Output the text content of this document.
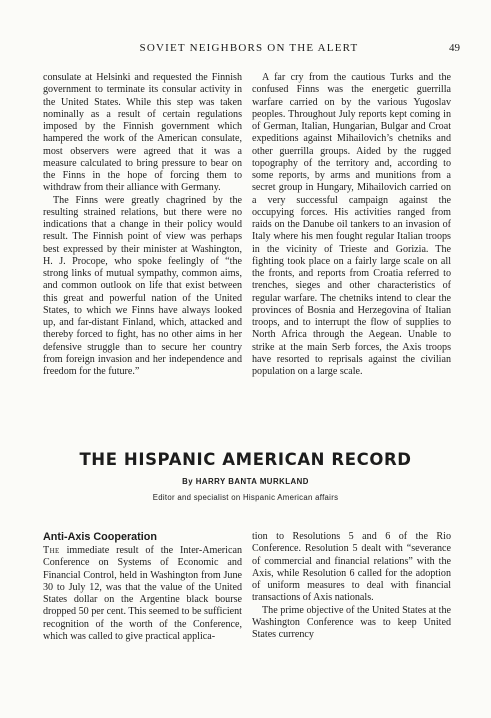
SOVIET NEIGHBORS ON THE ALERT	49

consulate at Helsinki and requested the Finnish government to terminate its consular activity in the United States. While this step was taken nominally as a result of certain regulations imposed by the Finnish government which hampered the work of the American consulate, most observers were agreed that it was a measure calculated to bring pressure to bear on the Finns in the hope of forcing them to withdraw from their alliance with Germany.

The Finns were greatly chagrined by the resulting strained relations, but there were no indications that a change in their policy would result. The Finnish point of view was perhaps best expressed by their minister at Washington, H. J. Procope, who spoke feelingly of “the strong links of mutual sympathy, common aims, and common outlook on life that exist between this great and powerful nation of the United States, to which we Finns have always looked up, and far-distant Finland, which, attacked and thereby forced to fight, has no other aims in her defensive struggle than to secure her country from foreign invasion and her independence and freedom for the future.”

A far cry from the cautious Turks and the confused Finns was the energetic guerrilla warfare carried on by the various Yugoslav peoples. Throughout July reports kept coming in of German, Italian, Hungarian, Bulgar and Croat expeditions against Mihailovich’s chetniks and other guerrilla groups. Aided by the rugged topography of the territory and, according to some reports, by arms and munitions from a secret group in Hungary, Mihailovich carried on a very successful campaign against the occupying forces. His activities ranged from raids on the Danube oil tankers to an invasion of Italy where his men fought regular Italian troops in the vicinity of Trieste and Gorizia. The fighting took place on a fairly large scale on all the fronts, and reports from Croatia referred to trenches, sieges and other characteristics of regular warfare. The chetniks intend to clear the provinces of Bosnia and Herzegovina of Italian troops, and to interrupt the flow of supplies to North Africa through the Aegean. Unable to strike at the main Serb forces, the Axis troops have resorted to reprisals against the civilian population on a large scale.

THE HISPANIC AMERICAN RECORD
By HARRY BANTA MURKLAND
Editor and specialist on Hispanic American affairs
Anti-Axis Cooperation

The immediate result of the Inter-American Conference on Systems of Economic and Financial Control, held in Washington from June 30 to July 12, was that the value of the United States dollar on the Argentine black bourse dropped 50 per cent. This seemed to be sufficient recognition of the worth of the Conference, which was called to give practical applica-

tion to Resolutions 5 and 6 of the Rio Conference. Resolution 5 dealt with “severance of commercial and financial relations” with the Axis, while Resolution 6 called for the adoption of uniform measures to deal with financial transactions of Axis nationals.

The prime objective of the United States at the Washington Conference was to keep United States currency
